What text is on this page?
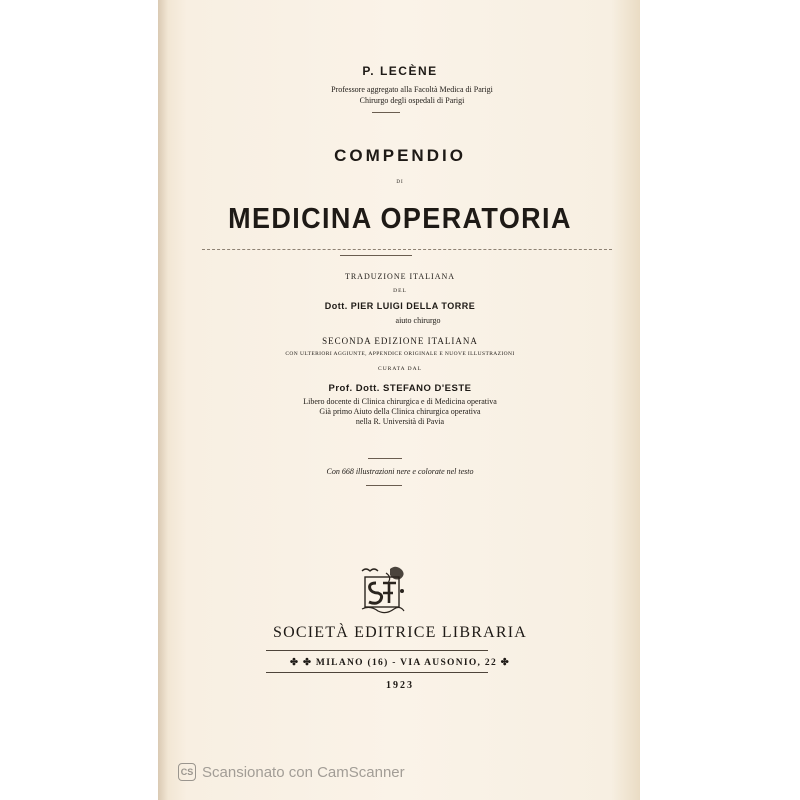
P. LECÈNE
Professore aggregato alla Facoltà Medica di Parigi
Chirurgo degli ospedali di Parigi
COMPENDIO
DI
MEDICINA OPERATORIA
TRADUZIONE ITALIANA
DEL
Dott. PIER LUIGI DELLA TORRE
aiuto chirurgo
SECONDA EDIZIONE ITALIANA
CON ULTERIORI AGGIUNTE, APPENDICE ORIGINALE E NUOVE ILLUSTRAZIONI
CURATA DAL
Prof. Dott. STEFANO D'ESTE
Libero docente di Clinica chirurgica e di Medicina operativa
Già primo Aiuto della Clinica chirurgica operativa
nella R. Università di Pavia
Con 668 illustrazioni nere e colorate nel testo
SOCIETÀ EDITRICE LIBRARIA
✤ ✤ MILANO (16) - VIA AUSONIO, 22 ✤
1923
CS Scansionato con CamScanner
